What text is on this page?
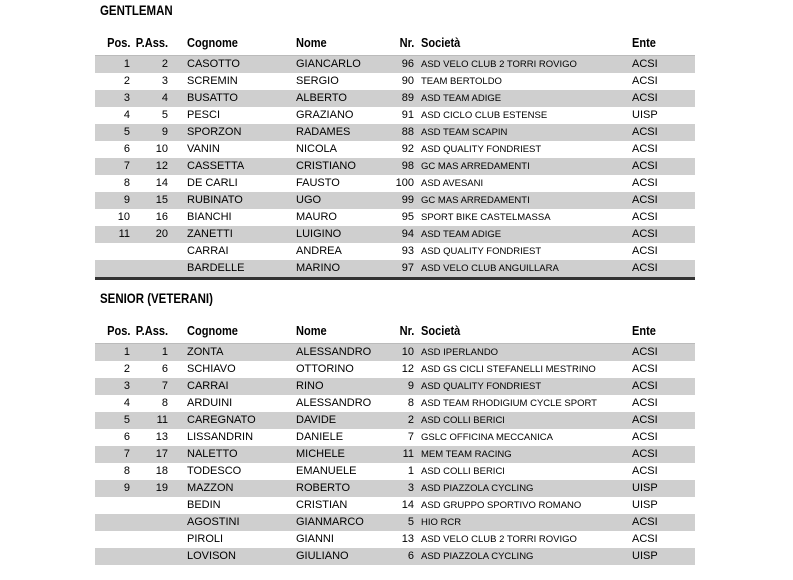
GENTLEMAN
Pos. P.Ass. Cognome	Nome	Nr. Società	Ente
1	2 CASOTTO	GIANCARLO	96 ASD VELO CLUB 2 TORRI ROVIGO	ACSI
2	3 SCREMIN	SERGIO	90 TEAM BERTOLDO	ACSI
3	4 BUSATTO	ALBERTO	89 ASD TEAM ADIGE	ACSI
4	5 PESCI	GRAZIANO	91 ASD CICLO CLUB ESTENSE	UISP
5	9 SPORZON	RADAMES	88 ASD TEAM SCAPIN	ACSI
6 10 VANIN	NICOLA	92 ASD QUALITY FONDRIEST	ACSI
7 12 CASSETTA	CRISTIANO	98 GC MAS ARREDAMENTI	ACSI
8 14 DE CARLI	FAUSTO	100 ASD AVESANI	ACSI
9 15 RUBINATO	UGO	99 GC MAS ARREDAMENTI	ACSI
10 16 BIANCHI	MAURO	95 SPORT BIKE CASTELMASSA	ACSI
11 20 ZANETTI	LUIGINO	94 ASD TEAM ADIGE	ACSI
CARRAI	ANDREA	93 ASD QUALITY FONDRIEST	ACSI
BARDELLE	MARINO	97 ASD VELO CLUB ANGUILLARA	ACSI
SENIOR (VETERANI)
Pos. P.Ass. Cognome	Nome	Nr. Società	Ente
1	1 ZONTA	ALESSANDRO	10 ASD IPERLANDO	ACSI
2	6 SCHIAVO	OTTORINO	12 ASD GS CICLI STEFANELLI MESTRINO	ACSI
3	7 CARRAI	RINO	9 ASD QUALITY FONDRIEST	ACSI
4	8 ARDUINI	ALESSANDRO	8 ASD TEAM RHODIGIUM CYCLE SPORT	ACSI
5 11 CAREGNATO	DAVIDE	2 ASD COLLI BERICI	ACSI
6 13 LISSANDRIN	DANIELE	7 GSLC OFFICINA MECCANICA	ACSI
7 17 NALETTO	MICHELE	11 MEM TEAM RACING	ACSI
8 18 TODESCO	EMANUELE	1 ASD COLLI BERICI	ACSI
9 19 MAZZON	ROBERTO	3 ASD PIAZZOLA CYCLING	UISP
BEDIN	CRISTIAN	14 ASD GRUPPO SPORTIVO ROMANO	UISP
AGOSTINI	GIANMARCO	5 HIO RCR	ACSI
PIROLI	GIANNI	13 ASD VELO CLUB 2 TORRI ROVIGO	ACSI
LOVISON	GIULIANO	6 ASD PIAZZOLA CYCLING	UISP
